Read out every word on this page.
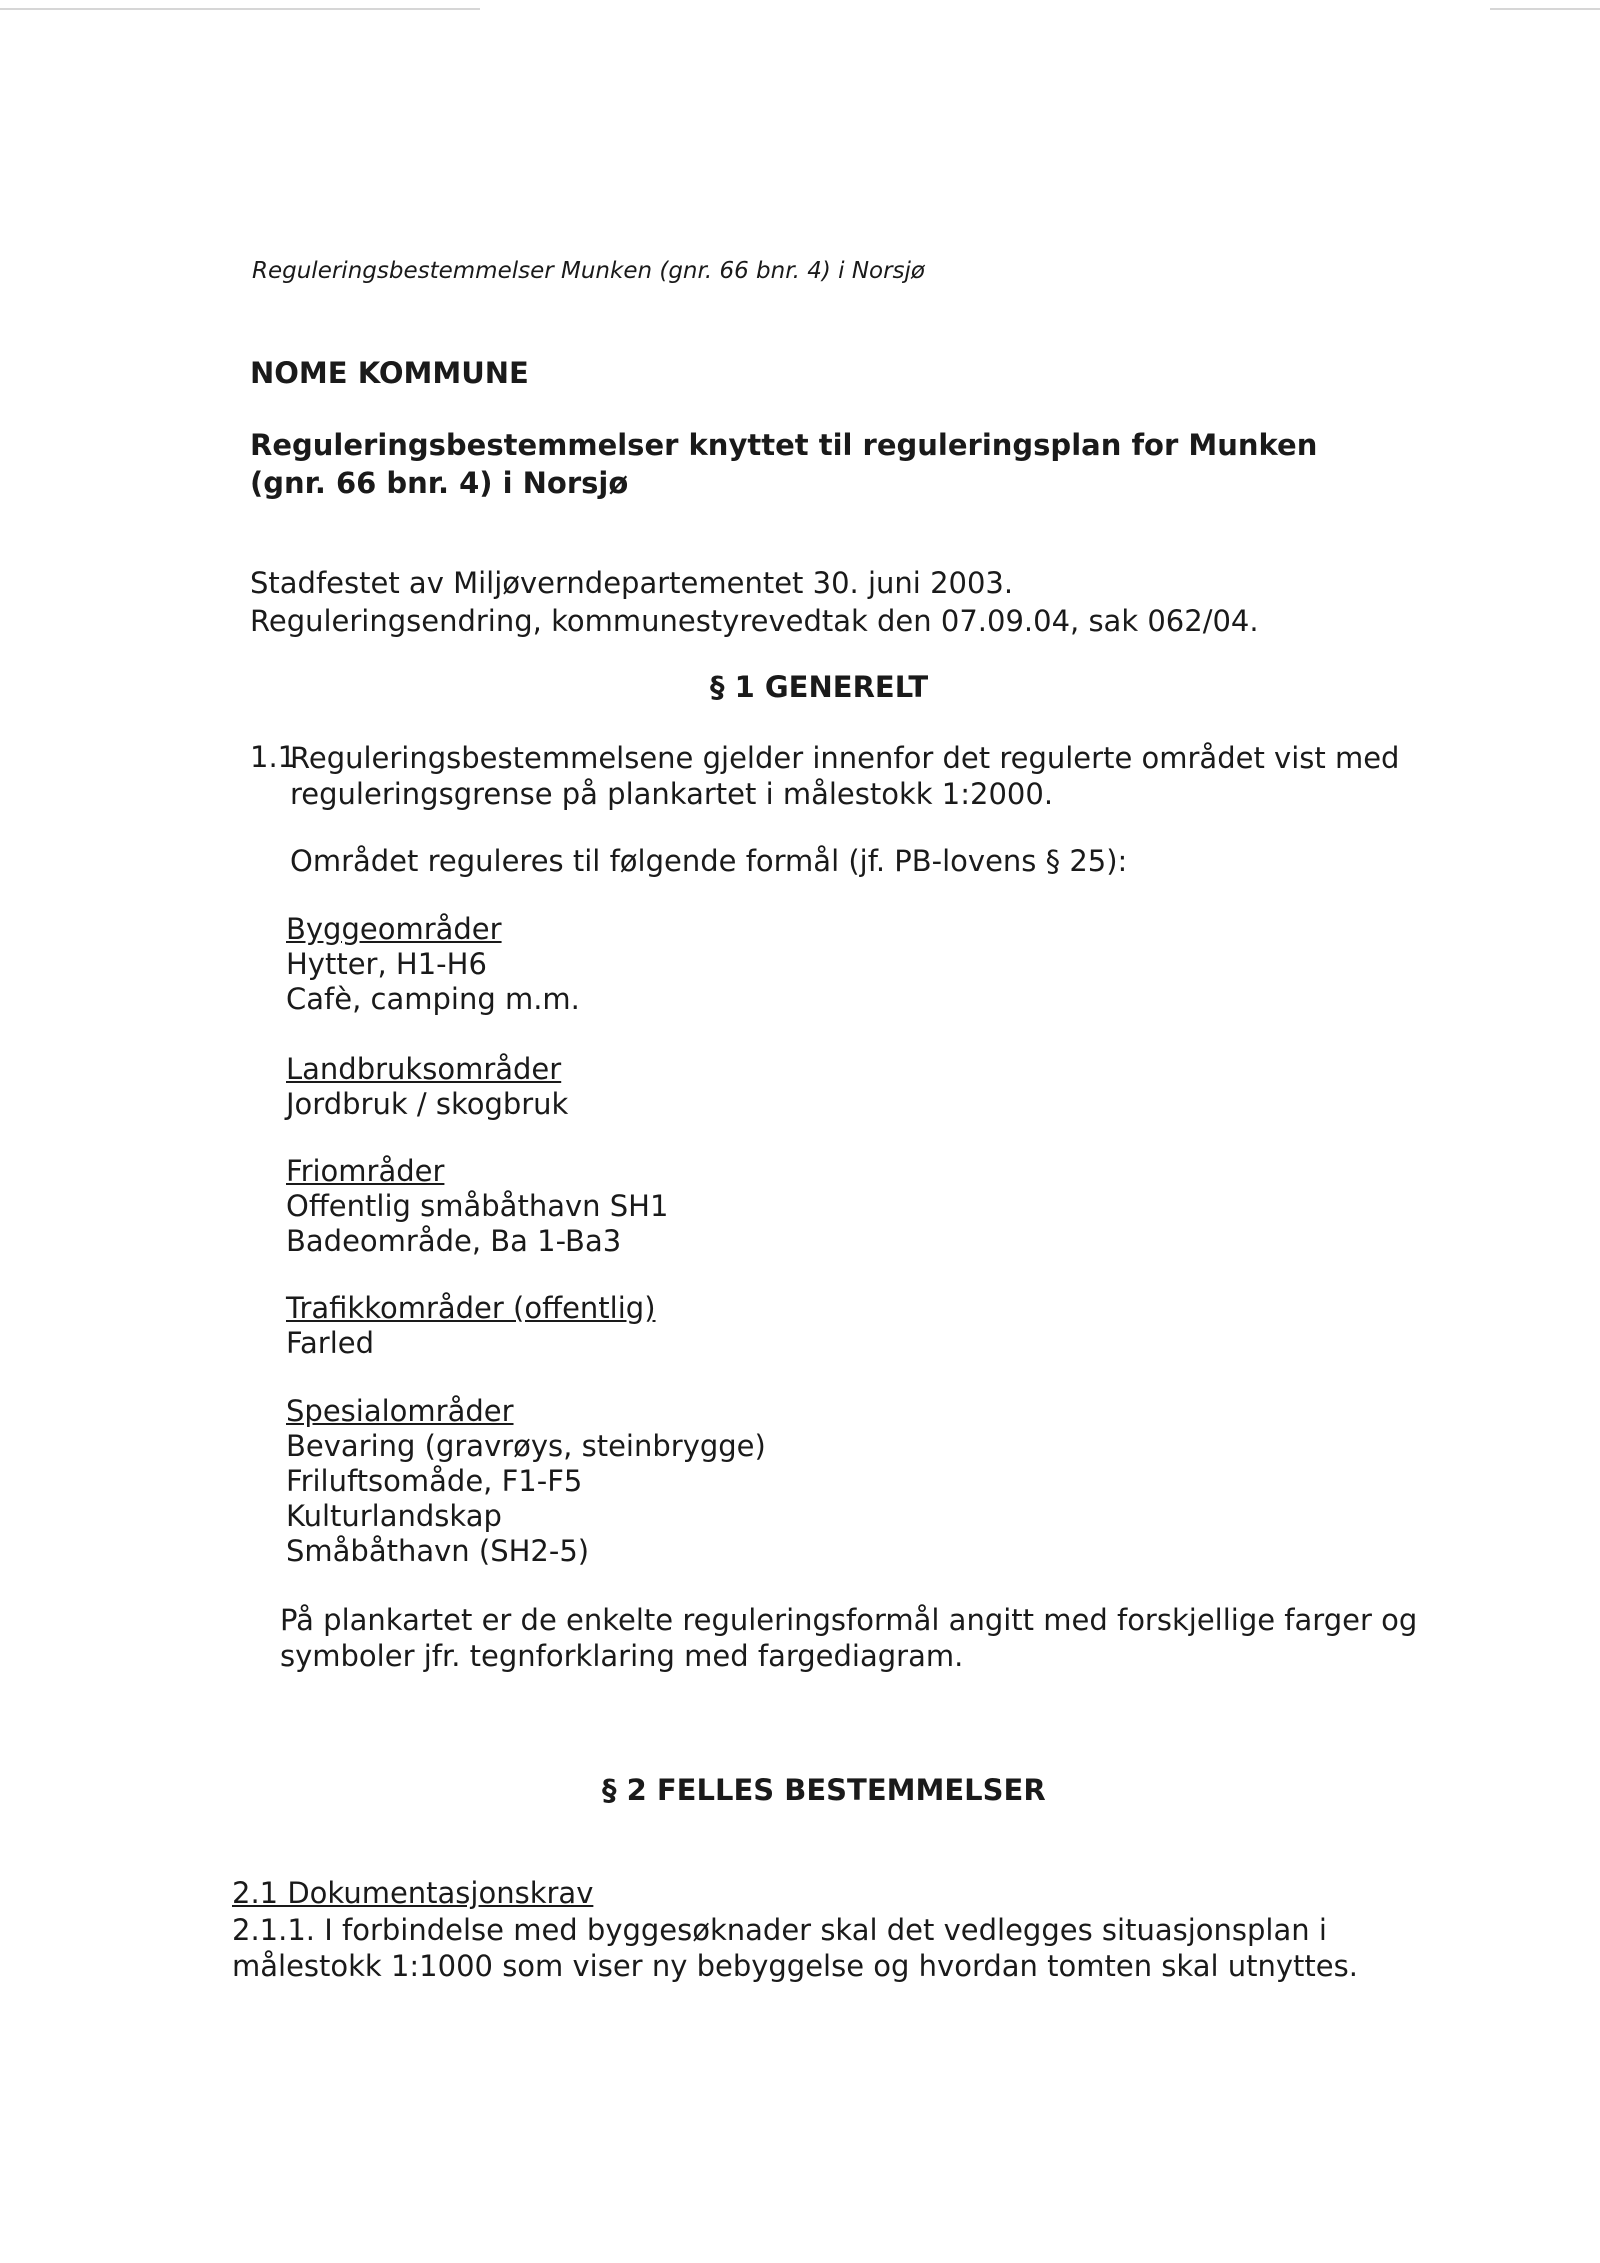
Reguleringsbestemmelser Munken (gnr. 66 bnr. 4) i Norsjø
NOME KOMMUNE
Reguleringsbestemmelser knyttet til reguleringsplan for Munken
(gnr. 66 bnr. 4) i Norsjø
Stadfestet av Miljøverndepartementet 30. juni 2003.
Reguleringsendring, kommunestyrevedtak den 07.09.04, sak 062/04.
§ 1 GENERELT
1.1
Reguleringsbestemmelsene gjelder innenfor det regulerte området vist med
reguleringsgrense på plankartet i målestokk 1:2000.
Området reguleres til følgende formål (jf. PB-lovens § 25):
Byggeområder
Hytter, H1-H6
Cafè, camping m.m.
Landbruksområder
Jordbruk / skogbruk
Friområder
Offentlig småbåthavn SH1
Badeområde, Ba 1-Ba3
Trafikkområder (offentlig)
Farled
Spesialområder
Bevaring (gravrøys, steinbrygge)
Friluftsomåde, F1-F5
Kulturlandskap
Småbåthavn (SH2-5)
På plankartet er de enkelte reguleringsformål angitt med forskjellige farger og
symboler jfr. tegnforklaring med fargediagram.
§ 2 FELLES BESTEMMELSER
2.1 Dokumentasjonskrav
2.1.1. I forbindelse med byggesøknader skal det vedlegges situasjonsplan i
målestokk 1:1000 som viser ny bebyggelse og hvordan tomten skal utnyttes.
